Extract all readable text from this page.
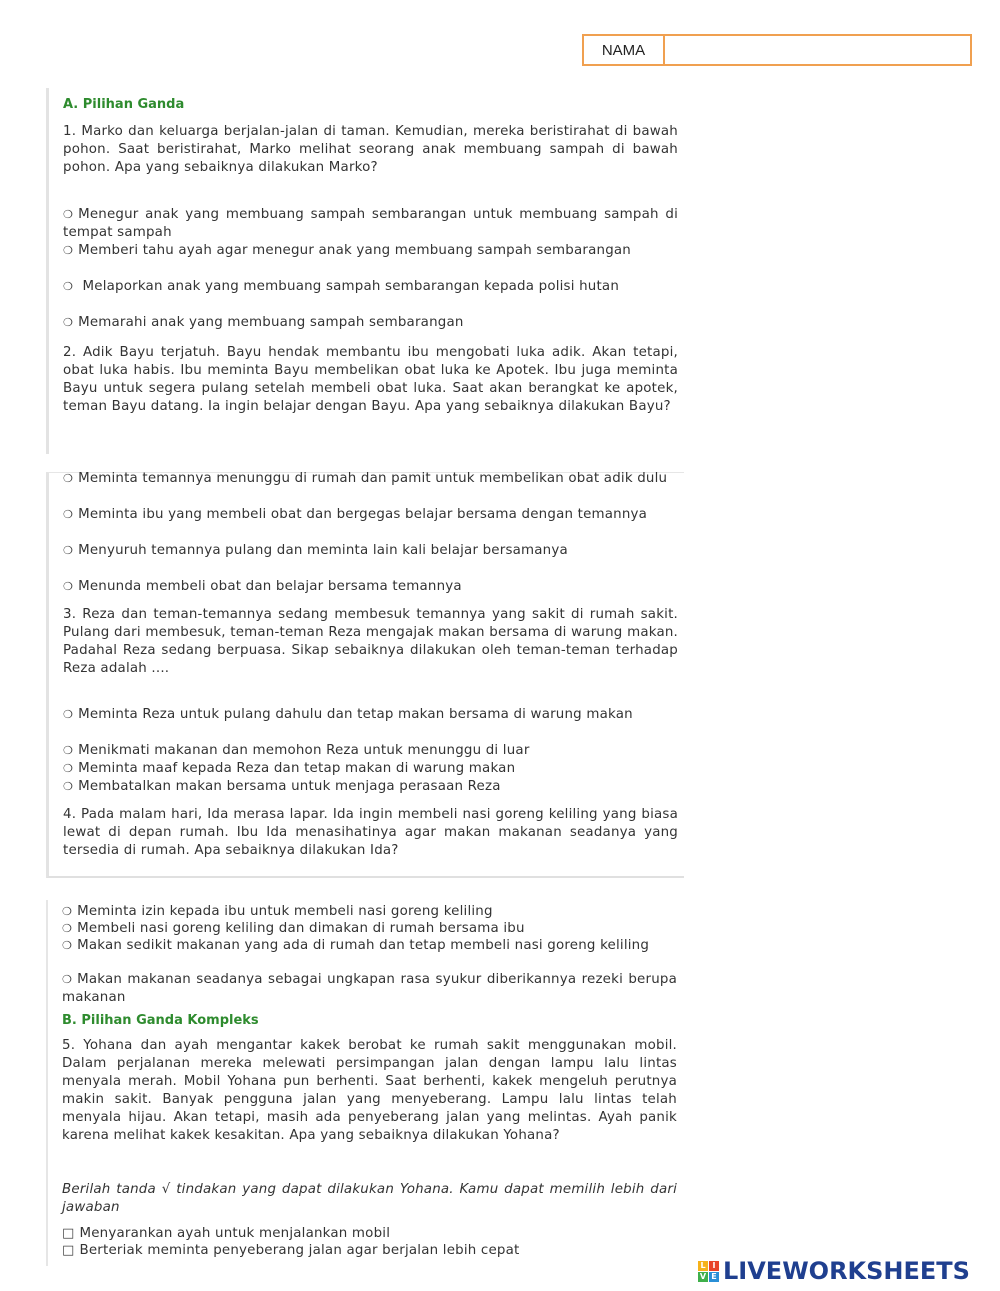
NAMA
A. Pilihan Ganda

1. Marko dan keluarga berjalan-jalan di taman. Kemudian, mereka beristirahat di bawah pohon. Saat beristirahat, Marko melihat seorang anak membuang sampah di bawah pohon. Apa yang sebaiknya dilakukan Marko?

❍ Menegur anak yang membuang sampah sembarangan untuk membuang sampah di tempat sampah

❍ Memberi tahu ayah agar menegur anak yang membuang sampah sembarangan

❍ Melaporkan anak yang membuang sampah sembarangan kepada polisi hutan

❍ Memarahi anak yang membuang sampah sembarangan

2. Adik Bayu terjatuh. Bayu hendak membantu ibu mengobati luka adik. Akan tetapi, obat luka habis. Ibu meminta Bayu membelikan obat luka ke Apotek. Ibu juga meminta Bayu untuk segera pulang setelah membeli obat luka. Saat akan berangkat ke apotek, teman Bayu datang. Ia ingin belajar dengan Bayu. Apa yang sebaiknya dilakukan Bayu?

❍ Meminta temannya menunggu di rumah dan pamit untuk membelikan obat adik dulu

❍ Meminta ibu yang membeli obat dan bergegas belajar bersama dengan temannya

❍ Menyuruh temannya pulang dan meminta lain kali belajar bersamanya

❍ Menunda membeli obat dan belajar bersama temannya

3. Reza dan teman-temannya sedang membesuk temannya yang sakit di rumah sakit. Pulang dari membesuk, teman-teman Reza mengajak makan bersama di warung makan. Padahal Reza sedang berpuasa. Sikap sebaiknya dilakukan oleh teman-teman terhadap Reza adalah ....

❍ Meminta Reza untuk pulang dahulu dan tetap makan bersama di warung makan

❍ Menikmati makanan dan memohon Reza untuk menunggu di luar

❍ Meminta maaf kepada Reza dan tetap makan di warung makan

❍ Membatalkan makan bersama untuk menjaga perasaan Reza

4. Pada malam hari, Ida merasa lapar. Ida ingin membeli nasi goreng keliling yang biasa lewat di depan rumah. Ibu Ida menasihatinya agar makan makanan seadanya yang tersedia di rumah. Apa sebaiknya dilakukan Ida?

❍ Meminta izin kepada ibu untuk membeli nasi goreng keliling

❍ Membeli nasi goreng keliling dan dimakan di rumah bersama ibu

❍ Makan sedikit makanan yang ada di rumah dan tetap membeli nasi goreng keliling

❍ Makan makanan seadanya sebagai ungkapan rasa syukur diberikannya rezeki berupa makanan

B. Pilihan Ganda Kompleks

5. Yohana dan ayah mengantar kakek berobat ke rumah sakit menggunakan mobil. Dalam perjalanan mereka melewati persimpangan jalan dengan lampu lalu lintas menyala merah. Mobil Yohana pun berhenti. Saat berhenti, kakek mengeluh perutnya makin sakit. Banyak pengguna jalan yang menyeberang. Lampu lalu lintas telah menyala hijau. Akan tetapi, masih ada penyeberang jalan yang melintas. Ayah panik karena melihat kakek kesakitan. Apa yang sebaiknya dilakukan Yohana?

Berilah tanda √ tindakan yang dapat dilakukan Yohana. Kamu dapat memilih lebih dari jawaban

□ Menyarankan ayah untuk menjalankan mobil

□ Berteriak meminta penyeberang jalan agar berjalan lebih cepat

L I
V E LIVEWORKSHEETS
